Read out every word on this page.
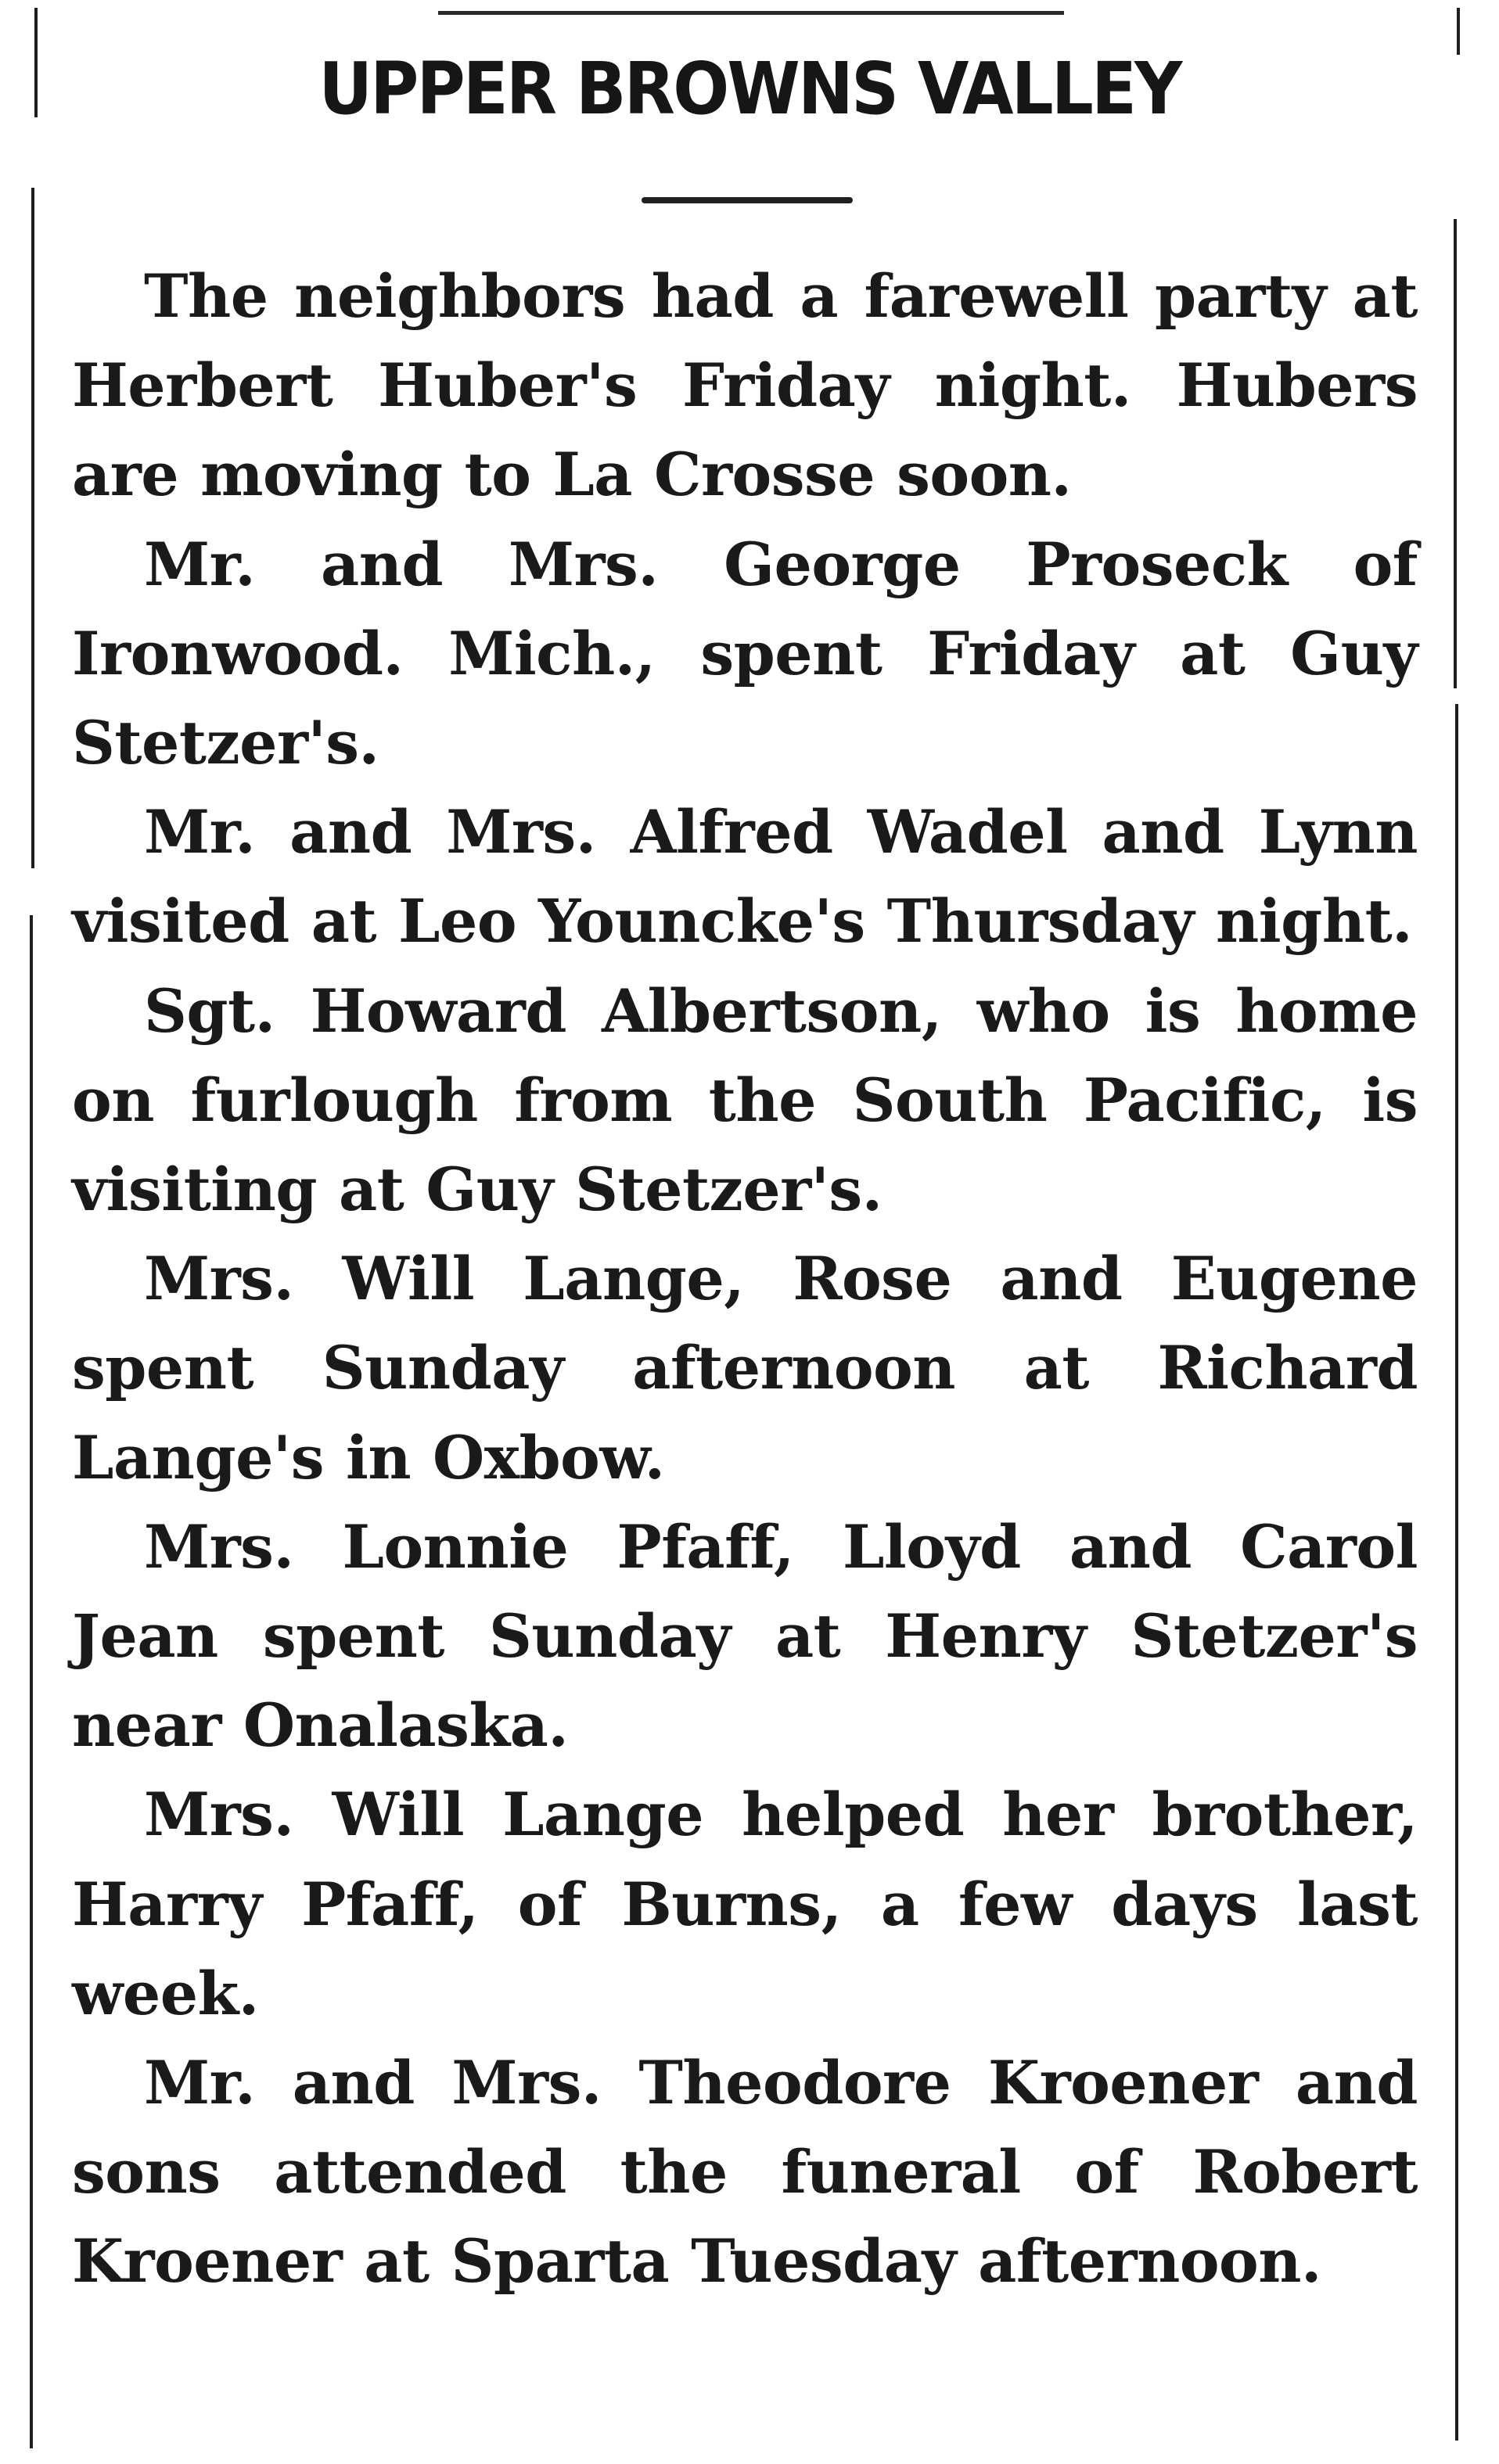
UPPER BROWNS VALLEY

The neighbors had a farewell party at Herbert Huber's Friday night. Hubers are moving to La Crosse soon.

Mr. and Mrs. George Proseck of Ironwood. Mich., spent Friday at Guy Stetzer's.

Mr. and Mrs. Alfred Wadel and Lynn visited at Leo Youncke's Thursday night.

Sgt. Howard Albertson, who is home on furlough from the South Pacific, is visiting at Guy Stetzer's.

Mrs. Will Lange, Rose and Eugene spent Sunday afternoon at Richard Lange's in Oxbow.

Mrs. Lonnie Pfaff, Lloyd and Carol Jean spent Sunday at Henry Stetzer's near Onalaska.

Mrs. Will Lange helped her brother, Harry Pfaff, of Burns, a few days last week.

Mr. and Mrs. Theodore Kroener and sons attended the funeral of Robert Kroener at Sparta Tuesday afternoon.
